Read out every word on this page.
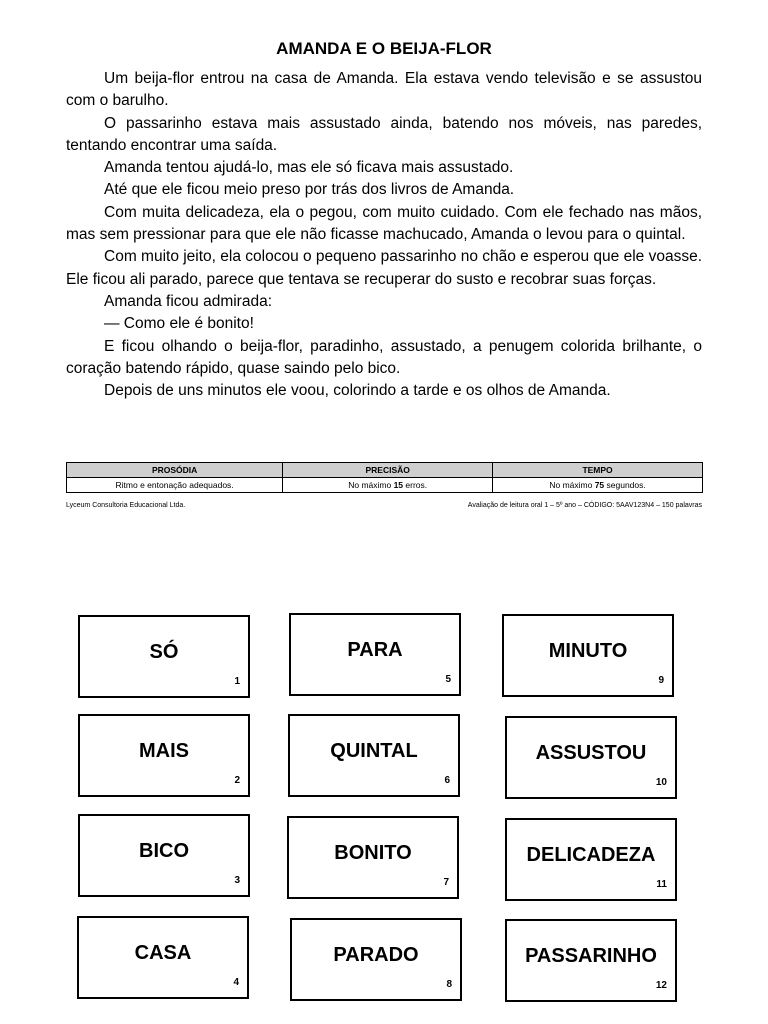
AMANDA E O BEIJA-FLOR

Um beija-flor entrou na casa de Amanda. Ela estava vendo televisão e se assustou com o barulho.

O passarinho estava mais assustado ainda, batendo nos móveis, nas paredes, tentando encontrar uma saída.

Amanda tentou ajudá-lo, mas ele só ficava mais assustado.

Até que ele ficou meio preso por trás dos livros de Amanda.

Com muita delicadeza, ela o pegou, com muito cuidado. Com ele fechado nas mãos, mas sem pressionar para que ele não ficasse machucado, Amanda o levou para o quintal.

Com muito jeito, ela colocou o pequeno passarinho no chão e esperou que ele voasse. Ele ficou ali parado, parece que tentava se recuperar do susto e recobrar suas forças.

Amanda ficou admirada:

— Como ele é bonito!

E ficou olhando o beija-flor, paradinho, assustado, a penugem colorida brilhante, o coração batendo rápido, quase saindo pelo bico.

Depois de uns minutos ele voou, colorindo a tarde e os olhos de Amanda.

PROSÓDIA	PRECISÃO	TEMPO
Ritmo e entonação adequados.	No máximo 15 erros.	No máximo 75 segundos.
Lyceum Consultoria Educacional Ltda.	Avaliação de leitura oral 1 – 5º ano – CÓDIGO: 5AAV123N4 – 150 palavras
SÓ
1
MAIS
2
BICO
3
CASA
4
PARA
5
QUINTAL
6
BONITO
7
PARADO
8
MINUTO
9
ASSUSTOU
10
DELICADEZA
11
PASSARINHO
12
